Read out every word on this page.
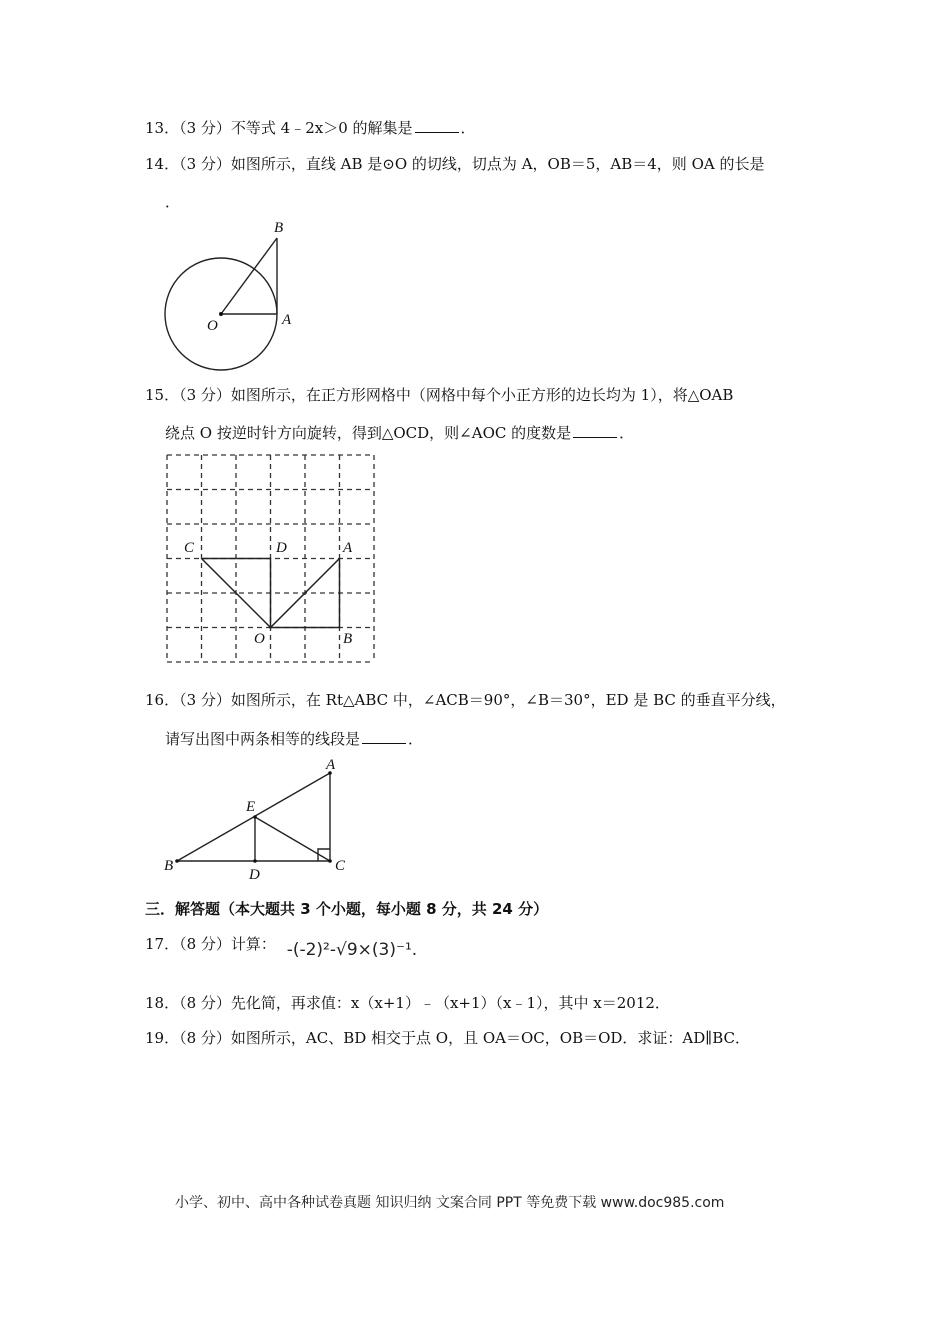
13．（3 分）不等式 4﹣2x＞0 的解集是	．
14．（3 分）如图所示，直线 AB 是⊙O 的切线，切点为 A，OB＝5，AB＝4，则 OA 的长是
．
B
O	A
15．（3 分）如图所示，在正方形网格中（网格中每个小正方形的边长均为 1），将△OAB
绕点 O 按逆时针方向旋转，得到△OCD，则∠AOC 的度数是	．
C	D	A
O	B
16．（3 分）如图所示，在 Rt△ABC 中，∠ACB＝90°，∠B＝30°，ED 是 BC 的垂直平分线，
请写出图中两条相等的线段是	．
A
E
B
D
C
三．解答题（本大题共 3 个小题，每小题 8 分，共 24 分）
17．（8 分）计算： -(-2)²-√9×(3)⁻¹.
18．（8 分）先化简，再求值：x（x+1）﹣（x+1）（x﹣1），其中 x＝2012．
19．（8 分）如图所示，AC、BD 相交于点 O，且 OA＝OC，OB＝OD．求证：AD∥BC．
小学、初中、高中各种试卷真题 知识归纳 文案合同 PPT 等免费下载 www.doc985.com
